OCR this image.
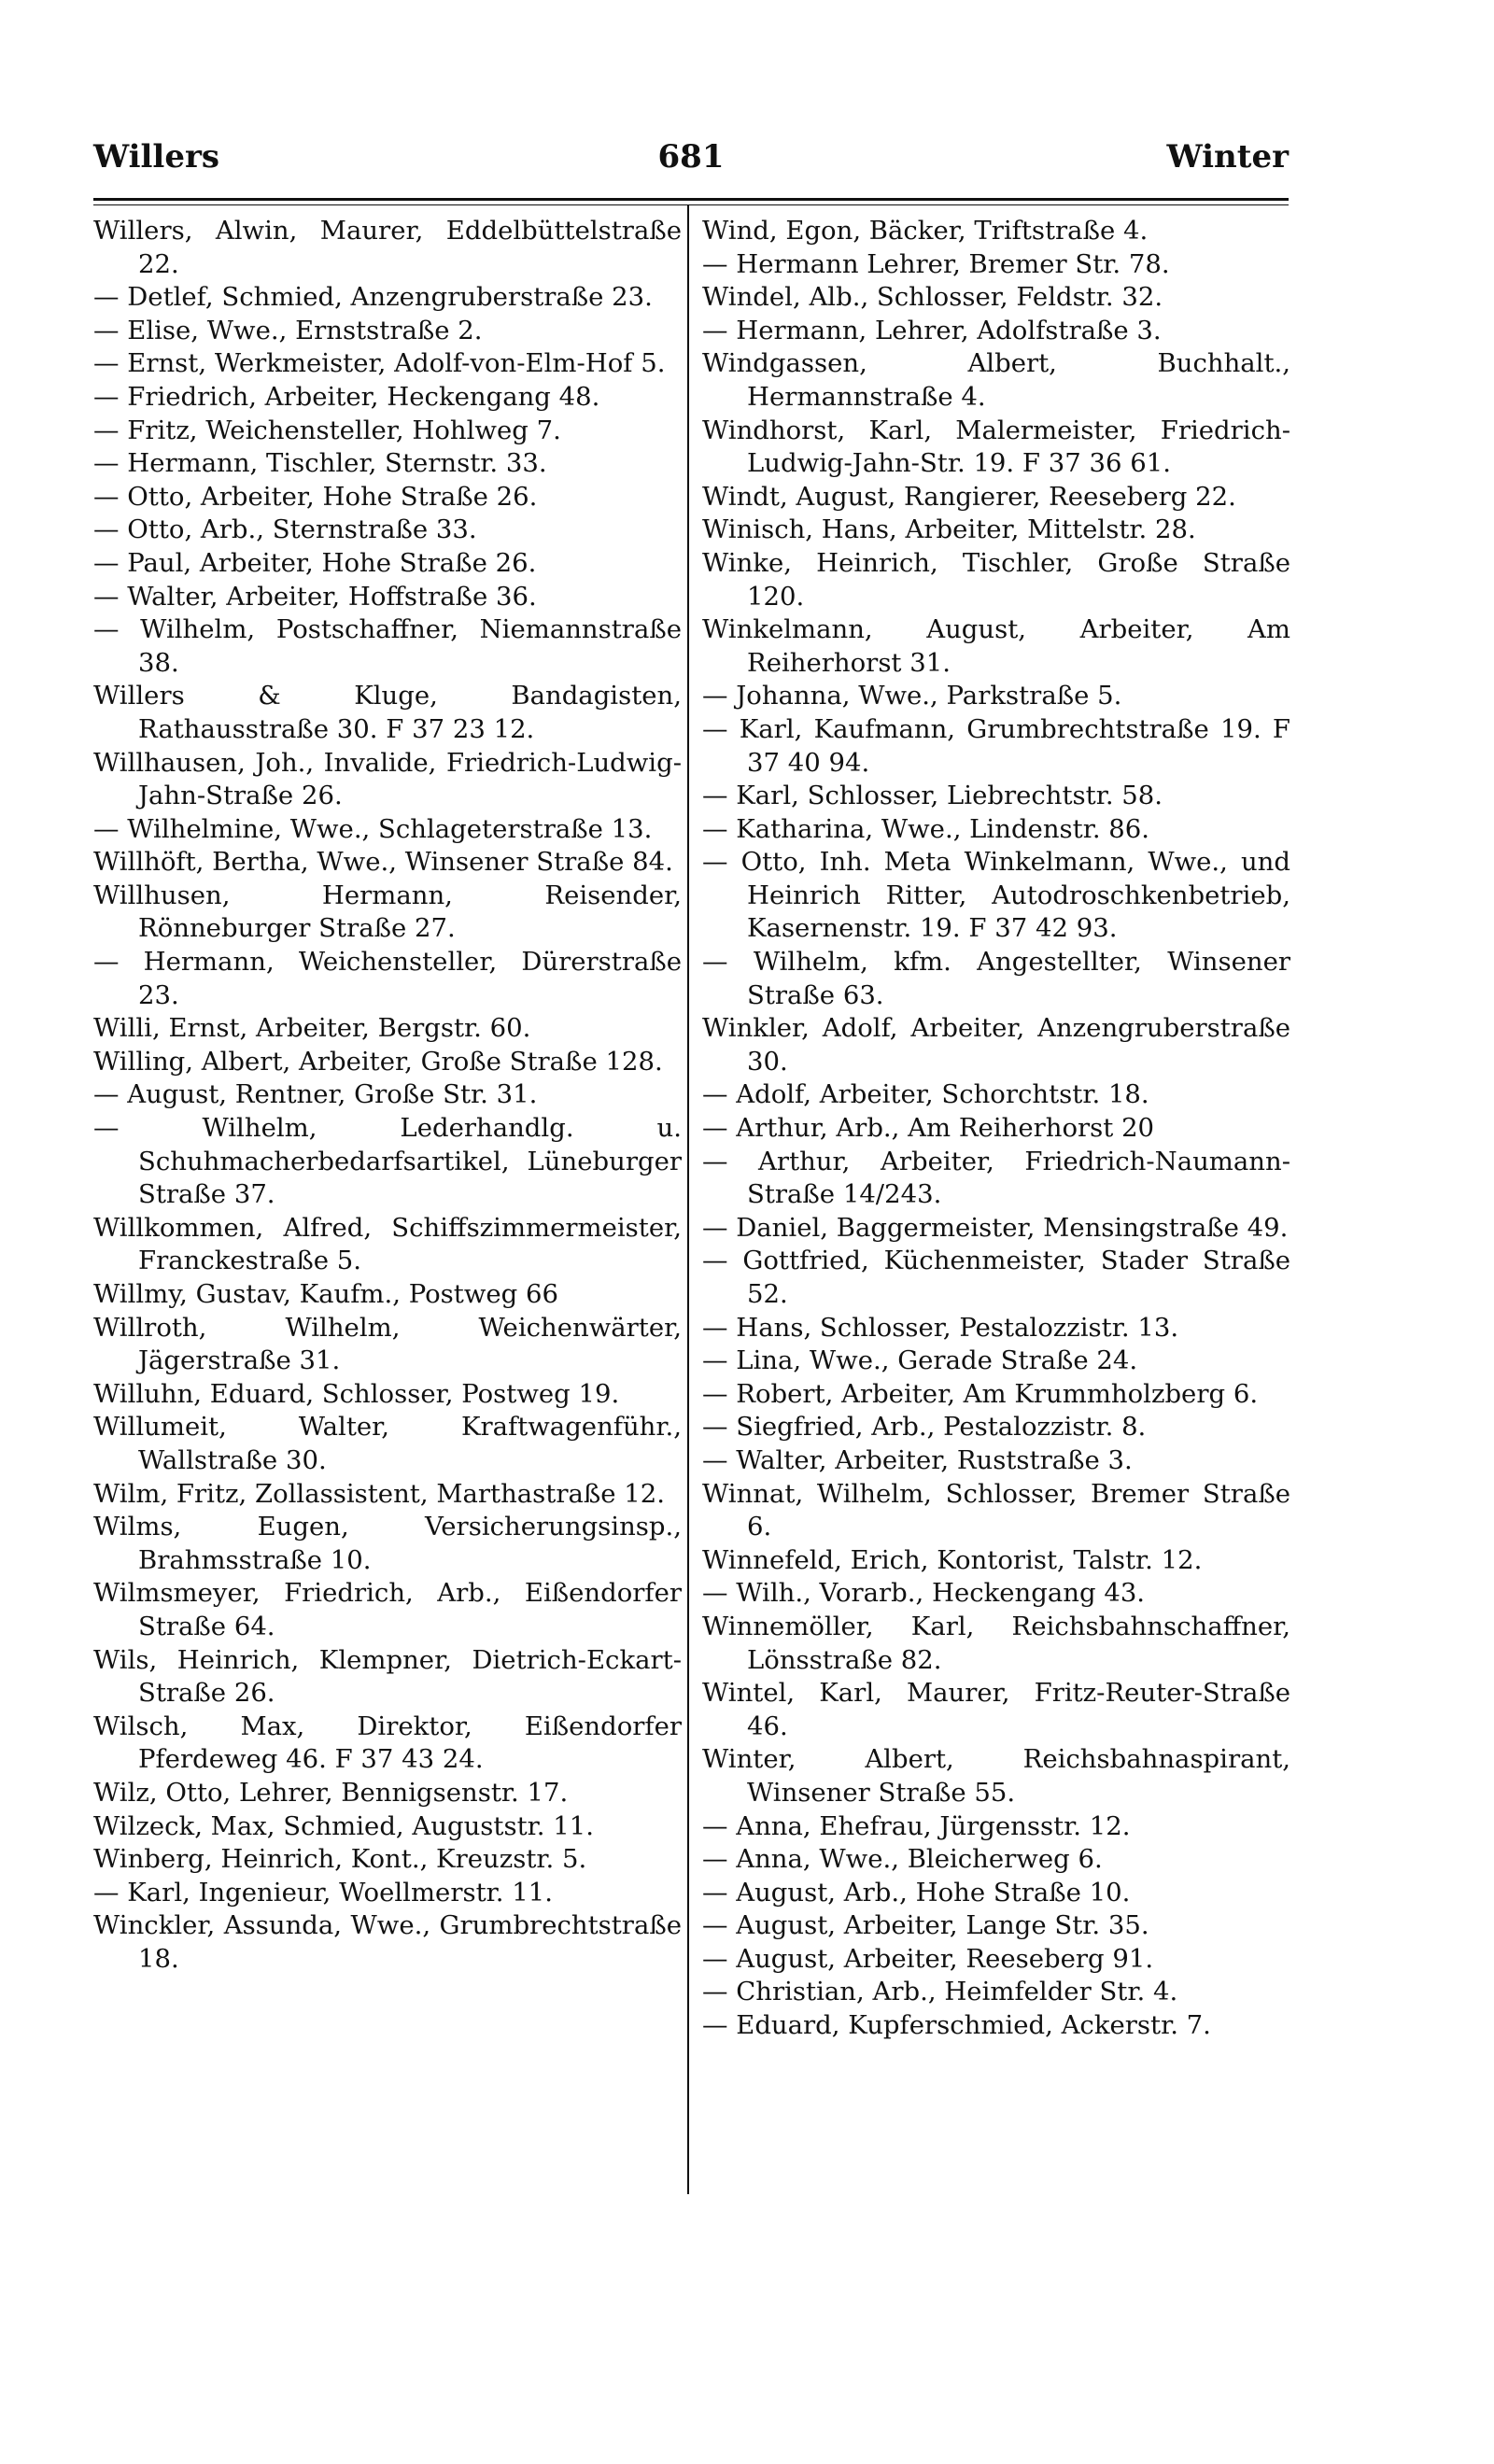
Willers	681	Winter

Willers, Alwin, Maurer, Eddelbüttelstraße 22.

— Detlef, Schmied, Anzengruberstraße 23.

— Elise, Wwe., Ernststraße 2.

— Ernst, Werkmeister, Adolf-von-Elm-Hof 5.

— Friedrich, Arbeiter, Heckengang 48.

— Fritz, Weichensteller, Hohlweg 7.

— Hermann, Tischler, Sternstr. 33.

— Otto, Arbeiter, Hohe Straße 26.

— Otto, Arb., Sternstraße 33.

— Paul, Arbeiter, Hohe Straße 26.

— Walter, Arbeiter, Hoffstraße 36.

— Wilhelm, Postschaffner, Niemannstraße 38.

Willers & Kluge, Bandagisten, Rathausstraße 30. F 37 23 12.

Willhausen, Joh., Invalide, Friedrich-Ludwig-Jahn-Straße 26.

— Wilhelmine, Wwe., Schlageterstraße 13.

Willhöft, Bertha, Wwe., Winsener Straße 84.

Willhusen, Hermann, Reisender, Rönneburger Straße 27.

— Hermann, Weichensteller, Dürerstraße 23.

Willi, Ernst, Arbeiter, Bergstr. 60.

Willing, Albert, Arbeiter, Große Straße 128.

— August, Rentner, Große Str. 31.

— Wilhelm, Lederhandlg. u. Schuhmacherbedarfsartikel, Lüneburger Straße 37.

Willkommen, Alfred, Schiffszimmermeister, Franckestraße 5.

Willmy, Gustav, Kaufm., Postweg 66

Willroth, Wilhelm, Weichenwärter, Jägerstraße 31.

Willuhn, Eduard, Schlosser, Postweg 19.

Willumeit, Walter, Kraftwagenführ., Wallstraße 30.

Wilm, Fritz, Zollassistent, Marthastraße 12.

Wilms, Eugen, Versicherungsinsp., Brahmsstraße 10.

Wilmsmeyer, Friedrich, Arb., Eißendorfer Straße 64.

Wils, Heinrich, Klempner, Dietrich-Eckart-Straße 26.

Wilsch, Max, Direktor, Eißendorfer Pferdeweg 46. F 37 43 24.

Wilz, Otto, Lehrer, Bennigsenstr. 17.

Wilzeck, Max, Schmied, Auguststr. 11.

Winberg, Heinrich, Kont., Kreuzstr. 5.

— Karl, Ingenieur, Woellmerstr. 11.

Winckler, Assunda, Wwe., Grumbrechtstraße 18.

Wind, Egon, Bäcker, Triftstraße 4.

— Hermann Lehrer, Bremer Str. 78.

Windel, Alb., Schlosser, Feldstr. 32.

— Hermann, Lehrer, Adolfstraße 3.

Windgassen, Albert, Buchhalt., Hermannstraße 4.

Windhorst, Karl, Malermeister, Friedrich-Ludwig-Jahn-Str. 19. F 37 36 61.

Windt, August, Rangierer, Reeseberg 22.

Winisch, Hans, Arbeiter, Mittelstr. 28.

Winke, Heinrich, Tischler, Große Straße 120.

Winkelmann, August, Arbeiter, Am Reiherhorst 31.

— Johanna, Wwe., Parkstraße 5.

— Karl, Kaufmann, Grumbrechtstraße 19. F 37 40 94.

— Karl, Schlosser, Liebrechtstr. 58.

— Katharina, Wwe., Lindenstr. 86.

— Otto, Inh. Meta Winkelmann, Wwe., und Heinrich Ritter, Autodroschkenbetrieb, Kasernenstr. 19. F 37 42 93.

— Wilhelm, kfm. Angestellter, Winsener Straße 63.

Winkler, Adolf, Arbeiter, Anzengruberstraße 30.

— Adolf, Arbeiter, Schorchtstr. 18.

— Arthur, Arb., Am Reiherhorst 20

— Arthur, Arbeiter, Friedrich-Naumann-Straße 14/243.

— Daniel, Baggermeister, Mensingstraße 49.

— Gottfried, Küchenmeister, Stader Straße 52.

— Hans, Schlosser, Pestalozzistr. 13.

— Lina, Wwe., Gerade Straße 24.

— Robert, Arbeiter, Am Krummholzberg 6.

— Siegfried, Arb., Pestalozzistr. 8.

— Walter, Arbeiter, Ruststraße 3.

Winnat, Wilhelm, Schlosser, Bremer Straße 6.

Winnefeld, Erich, Kontorist, Talstr. 12.

— Wilh., Vorarb., Heckengang 43.

Winnemöller, Karl, Reichsbahnschaffner, Lönsstraße 82.

Wintel, Karl, Maurer, Fritz-Reuter-Straße 46.

Winter, Albert, Reichsbahnaspirant, Winsener Straße 55.

— Anna, Ehefrau, Jürgensstr. 12.

— Anna, Wwe., Bleicherweg 6.

— August, Arb., Hohe Straße 10.

— August, Arbeiter, Lange Str. 35.

— August, Arbeiter, Reeseberg 91.

— Christian, Arb., Heimfelder Str. 4.

— Eduard, Kupferschmied, Ackerstr. 7.
